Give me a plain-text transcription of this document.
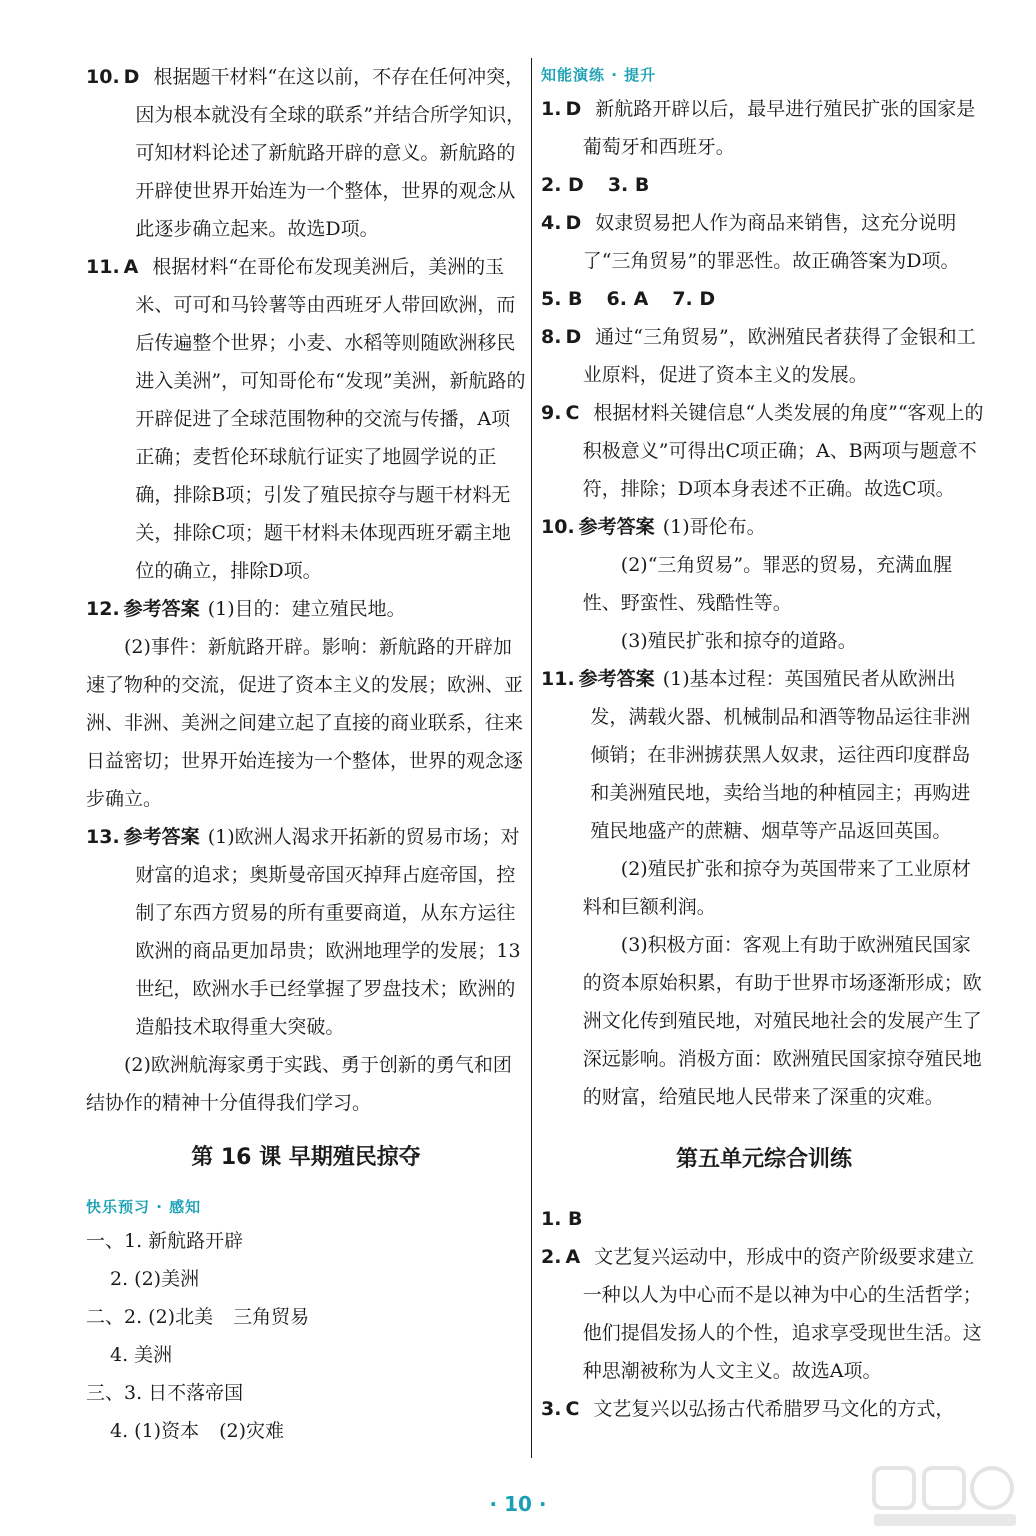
10. D 根据题干材料“在这以前，不存在任何冲突，因为根本就没有全球的联系”并结合所学知识，可知材料论述了新航路开辟的意义。新航路的开辟使世界开始连为一个整体，世界的观念从此逐步确立起来。故选D项。
11. A 根据材料“在哥伦布发现美洲后，美洲的玉米、可可和马铃薯等由西班牙人带回欧洲，而后传遍整个世界；小麦、水稻等则随欧洲移民进入美洲”，可知哥伦布“发现”美洲，新航路的开辟促进了全球范围物种的交流与传播，A项正确；麦哲伦环球航行证实了地圆学说的正确，排除B项；引发了殖民掠夺与题干材料无关，排除C项；题干材料未体现西班牙霸主地位的确立，排除D项。
12. 参考答案 (1)目的：建立殖民地。
(2)事件：新航路开辟。影响：新航路的开辟加速了物种的交流，促进了资本主义的发展；欧洲、亚洲、非洲、美洲之间建立起了直接的商业联系，往来日益密切；世界开始连接为一个整体，世界的观念逐步确立。
13. 参考答案 (1)欧洲人渴求开拓新的贸易市场；对财富的追求；奥斯曼帝国灭掉拜占庭帝国，控制了东西方贸易的所有重要商道，从东方运往欧洲的商品更加昂贵；欧洲地理学的发展；13世纪，欧洲水手已经掌握了罗盘技术；欧洲的造船技术取得重大突破。
(2)欧洲航海家勇于实践、勇于创新的勇气和团结协作的精神十分值得我们学习。
第 16 课 早期殖民掠夺
快乐预习 · 感知
一、1. 新航路开辟
2. (2)美洲
二、2. (2)北美 三角贸易
4. 美洲
三、3. 日不落帝国
4. (1)资本 (2)灾难
知能演练 · 提升
1. D 新航路开辟以后，最早进行殖民扩张的国家是葡萄牙和西班牙。
2. D 3. B
4. D 奴隶贸易把人作为商品来销售，这充分说明了“三角贸易”的罪恶性。故正确答案为D项。
5. B 6. A 7. D
8. D 通过“三角贸易”，欧洲殖民者获得了金银和工业原料，促进了资本主义的发展。
9. C 根据材料关键信息“人类发展的角度”“客观上的积极意义”可得出C项正确；A、B两项与题意不符，排除；D项本身表述不正确。故选C项。
10. 参考答案 (1)哥伦布。
(2)“三角贸易”。罪恶的贸易，充满血腥性、野蛮性、残酷性等。
(3)殖民扩张和掠夺的道路。
11. 参考答案 (1)基本过程：英国殖民者从欧洲出发，满载火器、机械制品和酒等物品运往非洲倾销；在非洲掳获黑人奴隶，运往西印度群岛和美洲殖民地，卖给当地的种植园主；再购进殖民地盛产的蔗糖、烟草等产品返回英国。
(2)殖民扩张和掠夺为英国带来了工业原材料和巨额利润。
(3)积极方面：客观上有助于欧洲殖民国家的资本原始积累，有助于世界市场逐渐形成；欧洲文化传到殖民地，对殖民地社会的发展产生了深远影响。消极方面：欧洲殖民国家掠夺殖民地的财富，给殖民地人民带来了深重的灾难。
第五单元综合训练
1. B
2. A 文艺复兴运动中，形成中的资产阶级要求建立一种以人为中心而不是以神为中心的生活哲学；他们提倡发扬人的个性，追求享受现世生活。这种思潮被称为人文主义。故选A项。
3. C 文艺复兴以弘扬古代希腊罗马文化的方式，
· 10 ·
